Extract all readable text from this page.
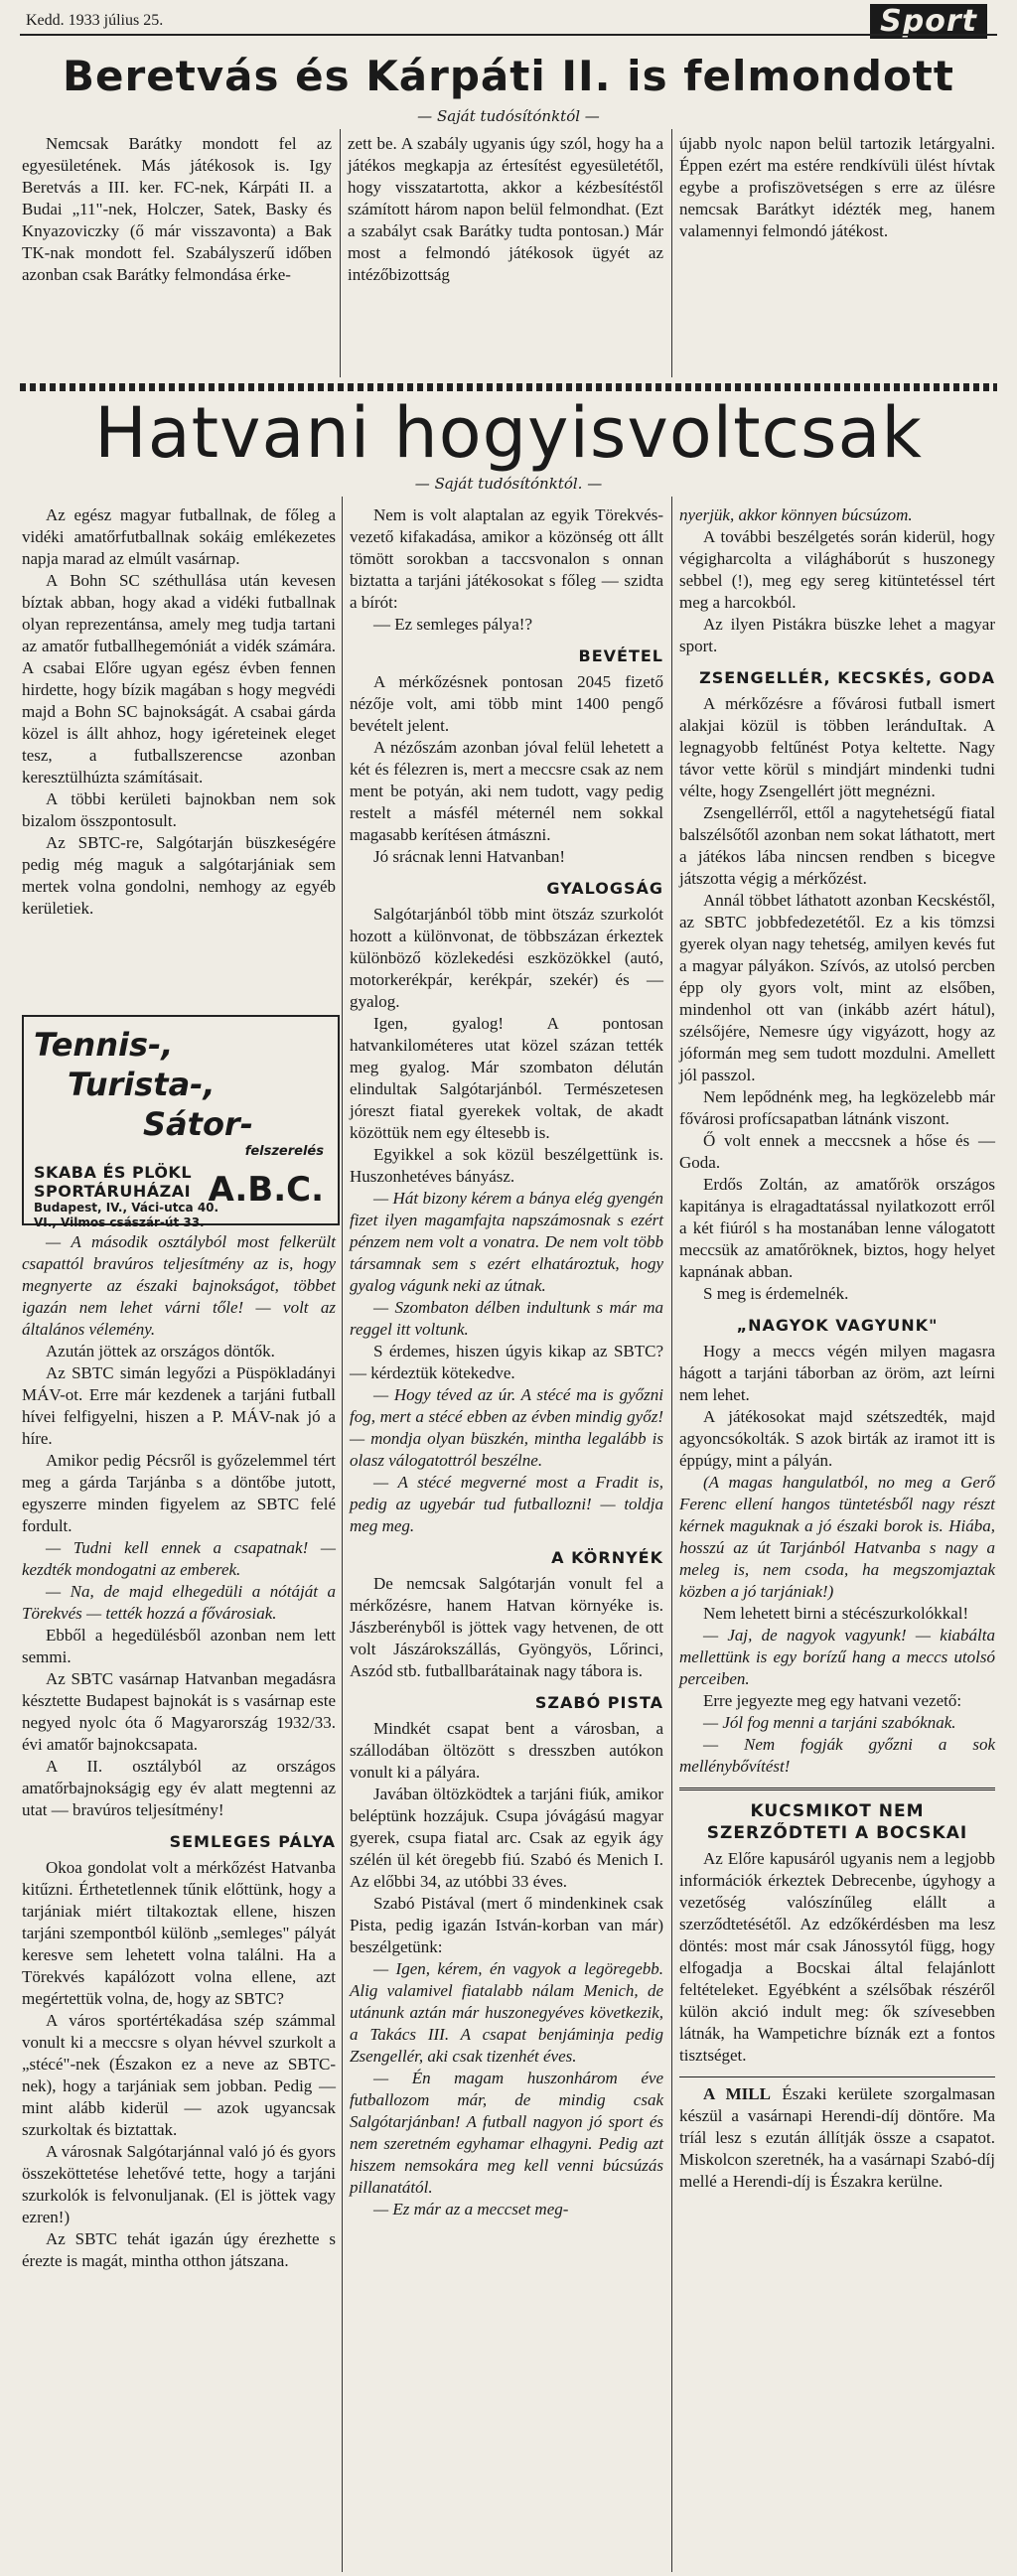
Kedd. 1933 július 25.	Sport
Beretvás és Kárpáti II. is felmondott
— Saját tudósítónktól —

Nemcsak Barátky mondott fel az egyesületének. Más játékosok is. Igy Beretvás a III. ker. FC-nek, Kárpáti II. a Budai „11"-nek, Holczer, Satek, Basky és Knyazoviczky (ő már visszavonta) a Bak TK-nak mondott fel. Szabályszerű időben azonban csak Barátky felmondása érke-

zett be. A szabály ugyanis úgy szól, hogy ha a játékos megkapja az értesítést egyesületétől, hogy visszatartotta, akkor a kézbesítéstől számított három napon belül felmondhat. (Ezt a szabályt csak Barátky tudta pontosan.) Már most a felmondó játékosok ügyét az intézőbizottság

újabb nyolc napon belül tartozik letárgyalni. Éppen ezért ma estére rendkívüli ülést hívtak egybe a profiszövetségen s erre az ülésre nemcsak Barátkyt idézték meg, hanem valamennyi felmondó játékost.

Hatvani hogyisvoltcsak
— Saját tudósítónktól. —

Az egész magyar futballnak, de főleg a vidéki amatőrfutballnak sokáig emlékezetes napja marad az elmúlt vasárnap.

A Bohn SC széthullása után kevesen bíztak abban, hogy akad a vidéki futballnak olyan reprezentánsa, amely meg tudja tartani az amatőr futballhegemóniát a vidék számára. A csabai Előre ugyan egész évben fennen hirdette, hogy bízik magában s hogy megvédi majd a Bohn SC bajnokságát. A csabai gárda közel is állt ahhoz, hogy igéreteinek eleget tesz, a futballszerencse azonban keresztülhúzta számításait.

A többi kerületi bajnokban nem sok bizalom összpontosult.

Az SBTC-re, Salgótarján büszkeségére pedig még maguk a salgótarjániak sem mertek volna gondolni, nemhogy az egyéb kerületiek.

Tennis-,
Turista-,
Sátor-
felszerelés
SKABA ÉS PLÖKL SPORTÁRUHÁZAI
Budapest, IV., Váci-utca 40. VI., Vilmos császár-út 33.
A.B.C.

— A második osztályból most felkerült csapattól bravúros teljesítmény az is, hogy megnyerte az északi bajnokságot, többet igazán nem lehet várni tőle! — volt az általános vélemény.

Azután jöttek az országos döntők.

Az SBTC simán legyőzi a Püspökladányi MÁV-ot. Erre már kezdenek a tarjáni futball hívei felfigyelni, hiszen a P. MÁV-nak jó a híre.

Amikor pedig Pécsről is győzelemmel tért meg a gárda Tarjánba s a döntőbe jutott, egyszerre minden figyelem az SBTC felé fordult.

— Tudni kell ennek a csapatnak! — kezdték mondogatni az emberek.

— Na, de majd elhegedüli a nótáját a Törekvés — tették hozzá a fővárosiak.

Ebből a hegedülésből azonban nem lett semmi.

Az SBTC vasárnap Hatvanban megadásra késztette Budapest bajnokát is s vasárnap este negyed nyolc óta ő Magyarország 1932/33. évi amatőr bajnokcsapata.

A II. osztályból az országos amatőrbajnokságig egy év alatt megtenni az utat — bravúros teljesítmény!

SEMLEGES PÁLYA

Okoa gondolat volt a mérkőzést Hatvanba kitűzni. Érthetetlennek tűnik előttünk, hogy a tarjániak miért tiltakoztak ellene, hiszen tarjáni szempontból különb „semleges" pályát keresve sem lehetett volna találni. Ha a Törekvés kapálózott volna ellene, azt megértettük volna, de, hogy az SBTC?

A város sportértékadása szép számmal vonult ki a meccsre s olyan hévvel szurkolt a „stécé"-nek (Északon ez a neve az SBTC-nek), hogy a tarjániak sem jobban. Pedig — mint alább kiderül — azok ugyancsak szurkoltak és biztattak.

A városnak Salgótarjánnal való jó és gyors összeköttetése lehetővé tette, hogy a tarjáni szurkolók is felvonuljanak. (El is jöttek vagy ezren!)

Az SBTC tehát igazán úgy érezhette s érezte is magát, mintha otthon játszana.

Nem is volt alaptalan az egyik Törekvés-vezető kifakadása, amikor a közönség ott állt tömött sorokban a taccsvonalon s onnan biztatta a tarjáni játékosokat s főleg — szidta a bírót:

— Ez semleges pálya!?

BEVÉTEL

A mérkőzésnek pontosan 2045 fizető nézője volt, ami több mint 1400 pengő bevételt jelent.

A nézőszám azonban jóval felül lehetett a két és félezren is, mert a meccsre csak az nem ment be potyán, aki nem tudott, vagy pedig restelt a másfél méternél nem sokkal magasabb kerítésen átmászni.

Jó srácnak lenni Hatvanban!

GYALOGSÁG

Salgótarjánból több mint ötszáz szurkolót hozott a különvonat, de többszázan érkeztek különböző közlekedési eszközökkel (autó, motorkerékpár, kerékpár, szekér) és — gyalog.

Igen, gyalog! A pontosan hatvankilométeres utat közel százan tették meg gyalog. Már szombaton délután elindultak Salgótarjánból. Természetesen jóreszt fiatal gyerekek voltak, de akadt közöttük nem egy éltesebb is.

Egyikkel a sok közül beszélgettünk is. Huszonhetéves bányász.

— Hát bizony kérem a bánya elég gyengén fizet ilyen magamfajta napszámosnak s ezért pénzem nem volt a vonatra. De nem volt több társamnak sem s ezért elhatároztuk, hogy gyalog vágunk neki az útnak.

— Szombaton délben indultunk s már ma reggel itt voltunk.

S érdemes, hiszen úgyis kikap az SBTC? — kérdeztük kötekedve.

— Hogy téved az úr. A stécé ma is győzni fog, mert a stécé ebben az évben mindig győz! — mondja olyan büszkén, mintha legalább is olasz válogatottról beszélne.

— A stécé megverné most a Fradit is, pedig az ugyebár tud futballozni! — toldja meg meg.

A KÖRNYÉK

De nemcsak Salgótarján vonult fel a mérkőzésre, hanem Hatvan környéke is. Jászberényből is jöttek vagy hetvenen, de ott volt Jászárokszállás, Gyöngyös, Lőrinci, Aszód stb. futballbarátainak nagy tábora is.

SZABÓ PISTA

Mindkét csapat bent a városban, a szállodában öltözött s dresszben autókon vonult ki a pályára.

Javában öltözködtek a tarjáni fiúk, amikor beléptünk hozzájuk. Csupa jóvágású magyar gyerek, csupa fiatal arc. Csak az egyik ágy szélén ül két öregebb fiú. Szabó és Menich I. Az előbbi 34, az utóbbi 33 éves.

Szabó Pistával (mert ő mindenkinek csak Pista, pedig igazán István-korban van már) beszélgetünk:

— Igen, kérem, én vagyok a legöregebb. Alig valamivel fiatalabb nálam Menich, de utánunk aztán már huszonegyéves következik, a Takács III. A csapat benjáminja pedig Zsengellér, aki csak tizenhét éves.

— Én magam huszonhárom éve futballozom már, de mindig csak Salgótarjánban! A futball nagyon jó sport és nem szeretném egyhamar elhagyni. Pedig azt hiszem nemsokára meg kell venni búcsúzás pillanatától.

— Ez már az a meccset meg-

nyerjük, akkor könnyen búcsúzom.

A további beszélgetés során kiderül, hogy végigharcolta a világháborút s huszonegy sebbel (!), meg egy sereg kitüntetéssel tért meg a harcokból.

Az ilyen Pistákra büszke lehet a magyar sport.

ZSENGELLÉR, KECSKÉS, GODA

A mérkőzésre a fővárosi futball ismert alakjai közül is többen leránduItak. A legnagyobb feltűnést Potya keltette. Nagy távor vette körül s mindjárt mindenki tudni vélte, hogy Zsengellért jött megnézni.

Zsengellérről, ettől a nagytehetségű fiatal balszélsőtől azonban nem sokat láthatott, mert a játékos lába nincsen rendben s bicegve játszotta végig a mérkőzést.

Annál többet láthatott azonban Kecskéstől, az SBTC jobbfedezetétől. Ez a kis tömzsi gyerek olyan nagy tehetség, amilyen kevés fut a magyar pályákon. Szívós, az utolsó percben épp oly gyors volt, mint az elsőben, mindenhol ott van (inkább azért hátul), szélsőjére, Nemesre úgy vigyázott, hogy az jóformán meg sem tudott mozdulni. Amellett jól passzol.

Nem lepődnénk meg, ha legközelebb már fővárosi profícsapatban látnánk viszont.

Ő volt ennek a meccsnek a hőse és — Goda.

Erdős Zoltán, az amatőrök országos kapitánya is elragadtatással nyilatkozott erről a két fiúról s ha mostanában lenne válogatott meccsük az amatőröknek, biztos, hogy helyet kapnának abban.

S meg is érdemelnék.

„NAGYOK VAGYUNK"

Hogy a meccs végén milyen magasra hágott a tarjáni táborban az öröm, azt leírni nem lehet.

A játékosokat majd szétszedték, majd agyoncsókolták. S azok birták az iramot itt is éppúgy, mint a pályán.

(A magas hangulatból, no meg a Gerő Ferenc ellení hangos tüntetésből nagy részt kérnek maguknak a jó északi borok is. Hiába, hosszú az út Tarjánból Hatvanba s nagy a meleg is, nem csoda, ha megszomjaztak közben a jó tarjániak!)

Nem lehetett birni a stécészurkolókkal!

— Jaj, de nagyok vagyunk! — kiabálta mellettünk is egy borízű hang a meccs utolsó perceiben.

Erre jegyezte meg egy hatvani vezető:

— Jól fog menni a tarjáni szabóknak.

— Nem fogják győzni a sok mellénybővítést!

KUCSMIKOT NEM SZERZŐDTETI A BOCSKAI

Az Előre kapusáról ugyanis nem a legjobb információk érkeztek Debrecenbe, úgyhogy a vezetőség valószínűleg elállt a szerződtetésétől. Az edzőkérdésben ma lesz döntés: most már csak Jánossytól függ, hogy elfogadja a Bocskai által felajánlott feltételeket. Egyébként a szélsőbak részéről külön akció indult meg: ők szívesebben látnák, ha Wampetichre bíznák ezt a fontos tisztséget.

A MILL Északi kerülete szorgalmasan készül a vasárnapi Herendi-díj döntőre. Ma tríál lesz s ezután állítják össze a csapatot. Miskolcon szeretnék, ha a vasárnapi Szabó-díj mellé a Herendi-díj is Északra kerülne.
